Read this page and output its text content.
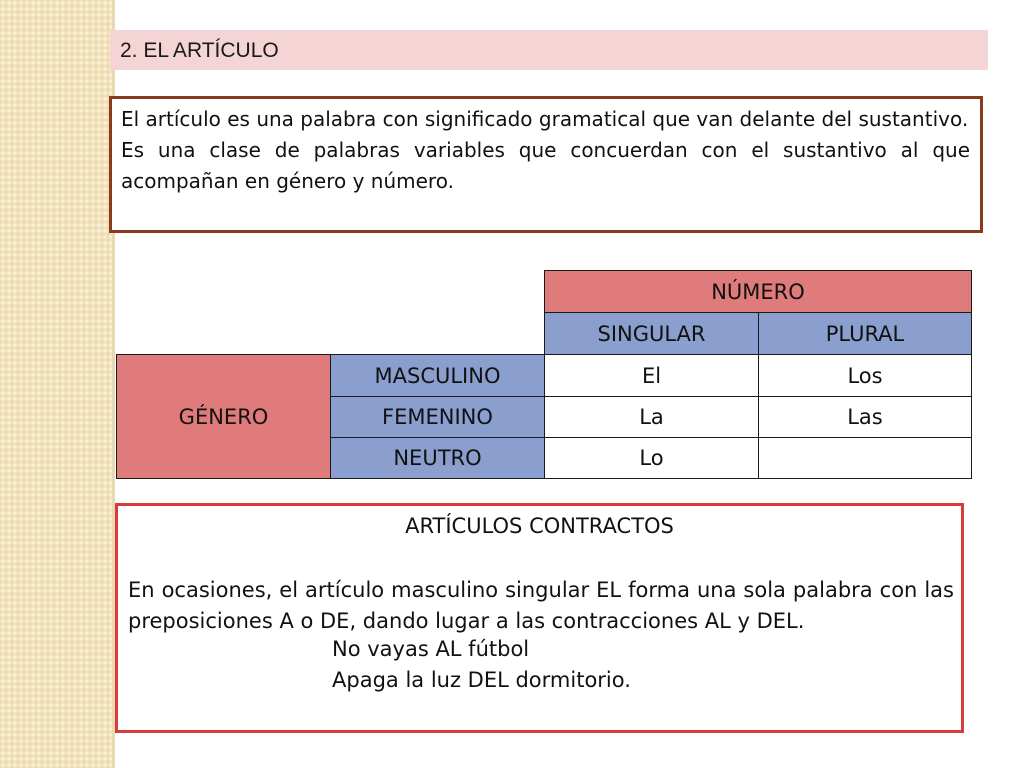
2. EL ARTÍCULO

El artículo es una palabra con significado gramatical que van delante del sustantivo.

Es una clase de palabras variables que concuerdan con el sustantivo al que acompañan en género y número.

NÚMERO
SINGULAR	PLURAL
GÉNERO
MASCULINO	El	Los
FEMENINO	La	Las
NEUTRO	Lo
ARTÍCULOS CONTRACTOS
En ocasiones, el artículo masculino singular EL forma una sola palabra con las preposiciones A o DE, dando lugar a las contracciones AL y DEL.
No vayas AL fútbol
Apaga la luz DEL dormitorio.
